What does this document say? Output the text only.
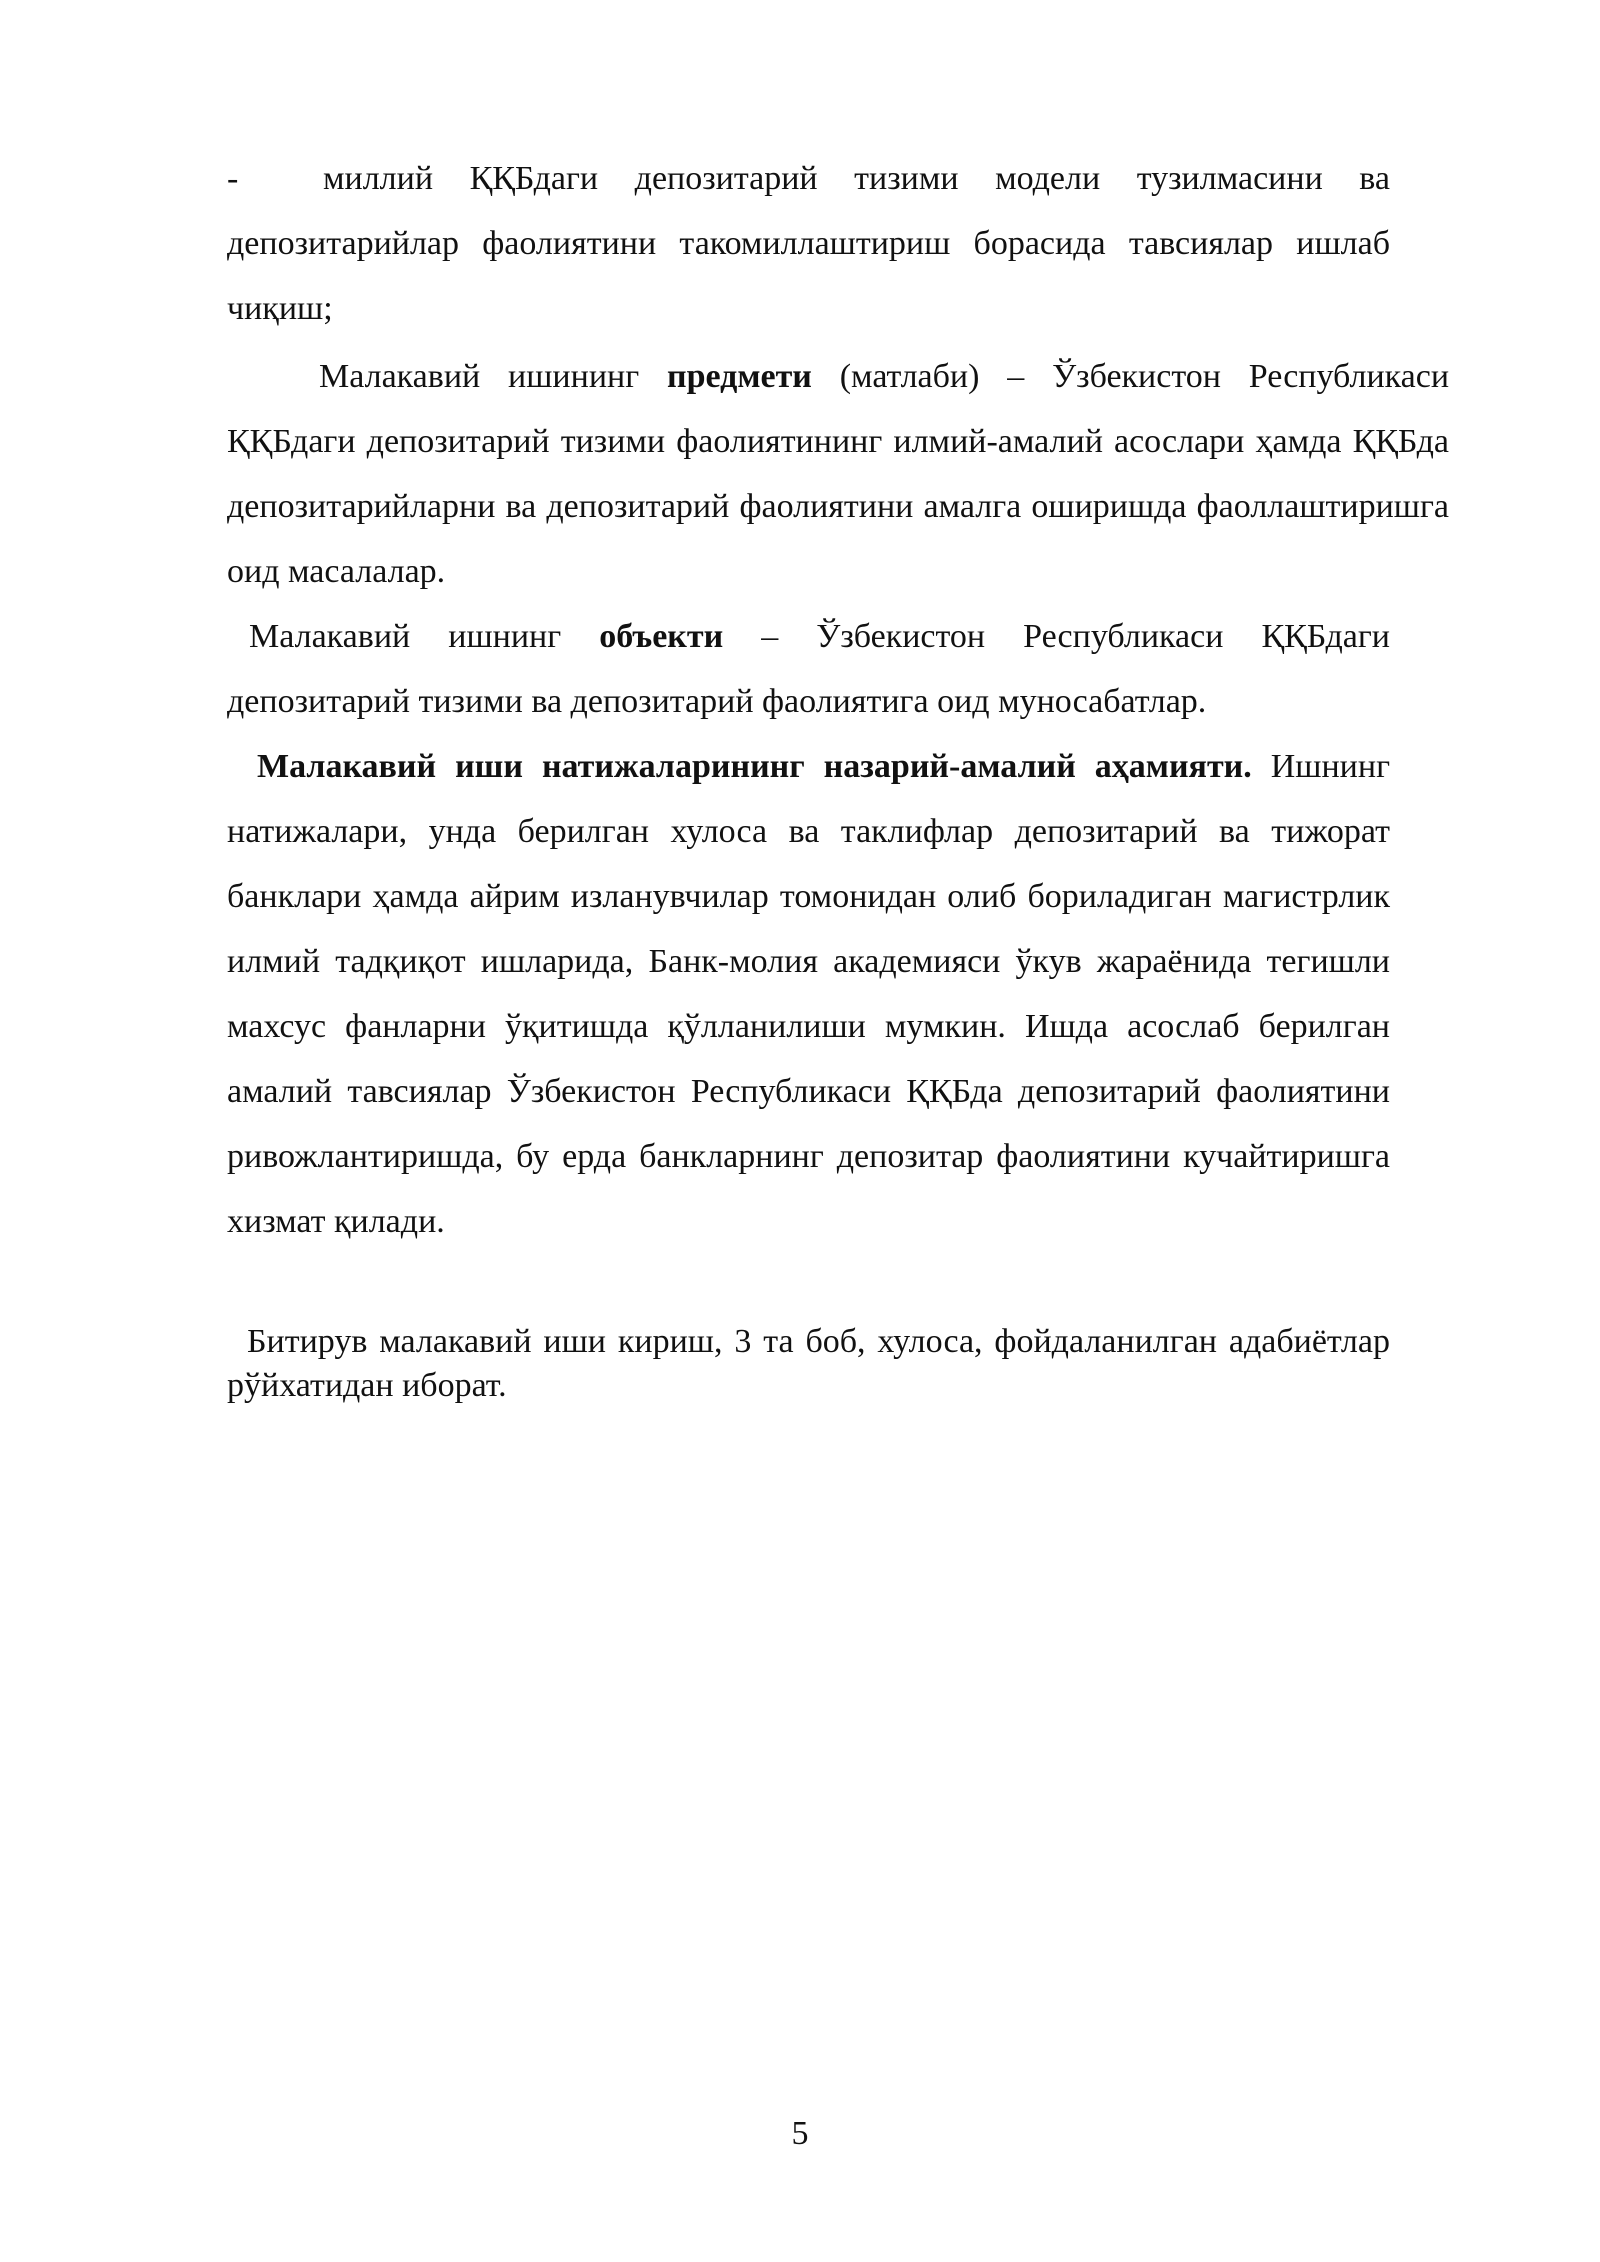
-	миллий ҚҚБдаги депозитарий тизими модели тузилмасини ва депозитарийлар фаолиятини такомиллаштириш борасида тавсиялар ишлаб чиқиш;

Малакавий ишининг предмети (матлаби) – Ўзбекистон Республикаси ҚҚБдаги депозитарий тизими фаолиятининг илмий-амалий асослари ҳамда ҚҚБда депозитарийларни ва депозитарий фаолиятини амалга оширишда фаоллаштиришга оид масалалар.

Малакавий ишнинг объекти – Ўзбекистон Республикаси ҚҚБдаги депозитарий тизими ва депозитарий фаолиятига оид муносабатлар.

Малакавий иши натижаларининг назарий-амалий аҳамияти. Ишнинг натижалари, унда берилган хулоса ва таклифлар депозитарий ва тижорат банклари ҳамда айрим изланувчилар томонидан олиб бориладиган магистрлик илмий тадқиқот ишларида, Банк-молия академияси ўкув жараёнида тегишли махсус фанларни ўқитишда қўлланилиши мумкин. Ишда асослаб берилган амалий тавсиялар Ўзбекистон Республикаси ҚҚБда депозитарий фаолиятини ривожлантиришда, бу ерда банкларнинг депозитар фаолиятини кучайтиришга хизмат қилади.

Битирув малакавий иши кириш, 3 та боб, хулоса, фойдаланилган адабиётлар рўйхатидан иборат.

5
